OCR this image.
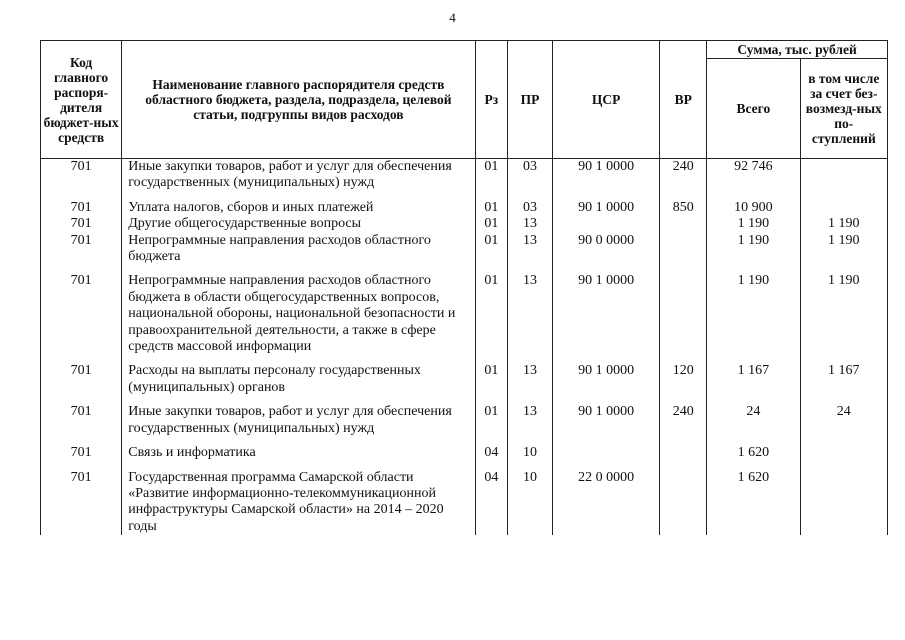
4
Код главного распоря-дителя бюджет-ных средств	Наименование главного распорядителя средств областного бюджета, раздела, подраздела, целевой статьи, подгруппы видов расходов	Рз	ПР	ЦСР	ВР	Сумма, тыс. рублей	
						Всего	в том числе за счет без-возмезд-ных по-ступлений
701	Иные закупки товаров, работ и услуг для обеспечения государственных (муниципальных) нужд	01	03	90 1 0000	240	92 746	
701	Уплата налогов, сборов и иных платежей	01	03	90 1 0000	850	10 900	
701	Другие общегосударственные вопросы	01	13			1 190	1 190
701	Непрограммные направления расходов областного бюджета	01	13	90 0 0000		1 190	1 190
701	Непрограммные направления расходов областного бюджета в области общегосударственных вопросов, национальной обороны, национальной безопасности и правоохранительной деятельности, а также в сфере средств массовой информации	01	13	90 1 0000		1 190	1 190
701	Расходы на выплаты персоналу государственных (муниципальных) органов	01	13	90 1 0000	120	1 167	1 167
701	Иные закупки товаров, работ и услуг для обеспечения государственных (муниципальных) нужд	01	13	90 1 0000	240	24	24
701	Связь и информатика	04	10			1 620	
701	Государственная программа Самарской области «Развитие информационно-телекоммуникационной инфраструктуры Самарской области» на 2014 – 2020 годы	04	10	22 0 0000		1 620	
